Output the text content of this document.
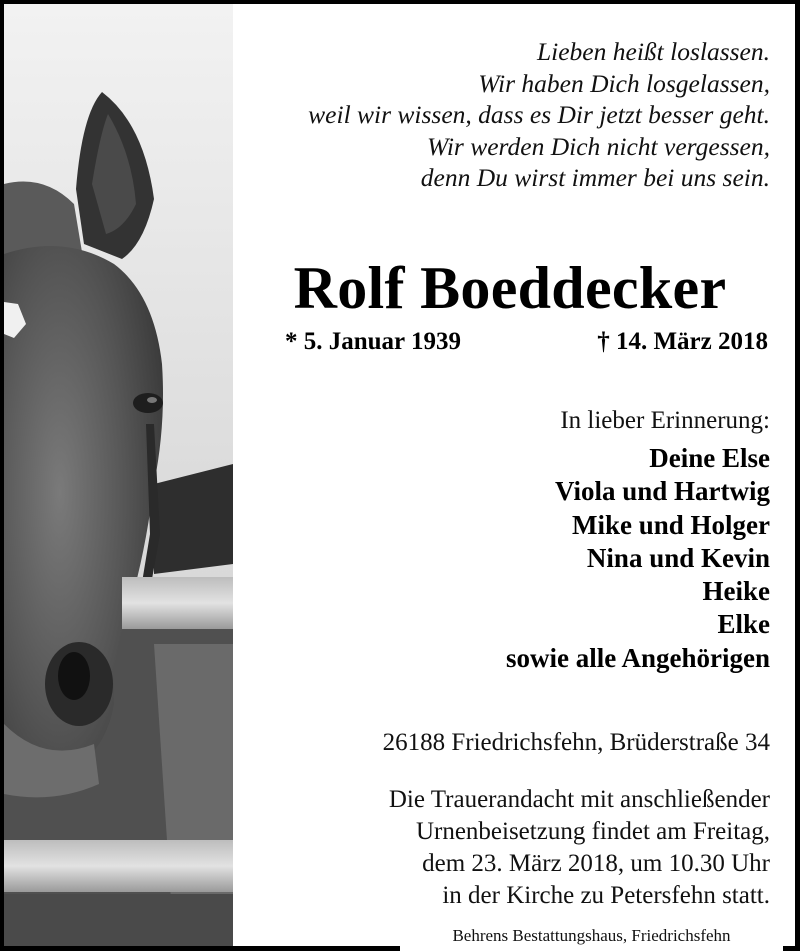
Lieben heißt loslassen.
Wir haben Dich losgelassen,
weil wir wissen, dass es Dir jetzt besser geht.
Wir werden Dich nicht vergessen,
denn Du wirst immer bei uns sein.
Rolf Boeddecker
* 5. Januar 1939	† 14. März 2018
In lieber Erinnerung:
Deine Else
Viola und Hartwig
Mike und Holger
Nina und Kevin
Heike
Elke
sowie alle Angehörigen
26188 Friedrichsfehn, Brüderstraße 34
Die Trauerandacht mit anschließender
Urnenbeisetzung findet am Freitag,
dem 23. März 2018, um 10.30 Uhr
in der Kirche zu Petersfehn statt.
Behrens Bestattungshaus, Friedrichsfehn
